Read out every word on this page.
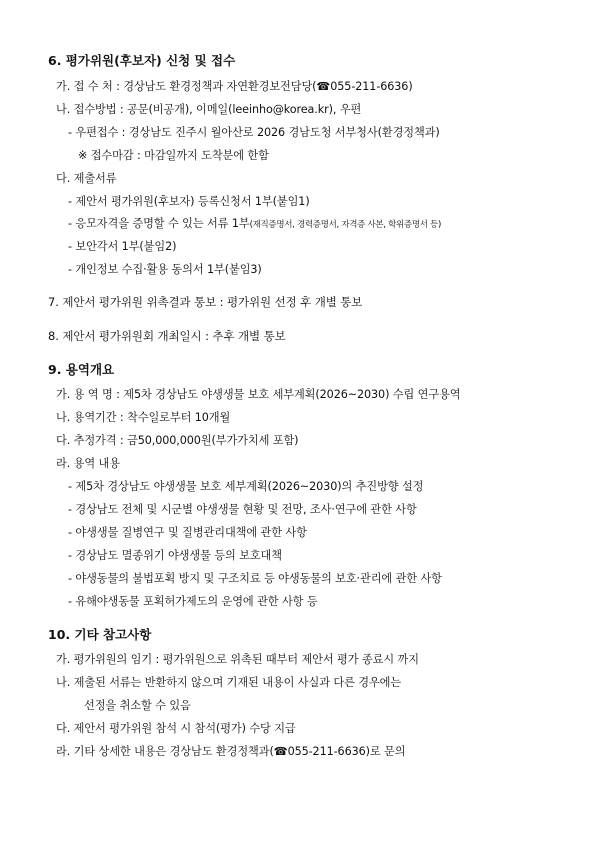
6. 평가위원(후보자) 신청 및 접수
가. 접 수 처 : 경상남도 환경정책과 자연환경보전담당(☎055-211-6636)
나. 접수방법 : 공문(비공개), 이메일(leeinho@korea.kr), 우편
- 우편접수 : 경상남도 진주시 월아산로 2026 경남도청 서부청사(환경정책과)
※ 접수마감 : 마감일까지 도착분에 한함
다. 제출서류
- 제안서 평가위원(후보자) 등록신청서 1부(붙임1)
- 응모자격을 증명할 수 있는 서류 1부(재직증명서, 경력증명서, 자격증 사본, 학위증명서 등)
- 보안각서 1부(붙임2)
- 개인정보 수집·활용 동의서 1부(붙임3)
7. 제안서 평가위원 위촉결과 통보 : 평가위원 선정 후 개별 통보
8. 제안서 평가위원회 개최일시 : 추후 개별 통보
9. 용역개요
가. 용 역 명 : 제5차 경상남도 야생생물 보호 세부계획(2026~2030) 수립 연구용역
나. 용역기간 : 착수일로부터 10개월
다. 추정가격 : 금50,000,000원(부가가치세 포함)
라. 용역 내용
- 제5차 경상남도 야생생물 보호 세부계획(2026~2030)의 추진방향 설정
- 경상남도 전체 및 시군별 야생생물 현황 및 전망, 조사·연구에 관한 사항
- 야생생물 질병연구 및 질병관리대책에 관한 사항
- 경상남도 멸종위기 야생생물 등의 보호대책
- 야생동물의 불법포획 방지 및 구조치료 등 야생동물의 보호·관리에 관한 사항
- 유해야생동물 포획허가제도의 운영에 관한 사항 등
10. 기타 참고사항
가. 평가위원의 임기 : 평가위원으로 위촉된 때부터 제안서 평가 종료시 까지
나. 제출된 서류는 반환하지 않으며 기재된 내용이 사실과 다른 경우에는
선정을 취소할 수 있음
다. 제안서 평가위원 참석 시 참석(평가) 수당 지급
라. 기타 상세한 내용은 경상남도 환경정책과(☎055-211-6636)로 문의
